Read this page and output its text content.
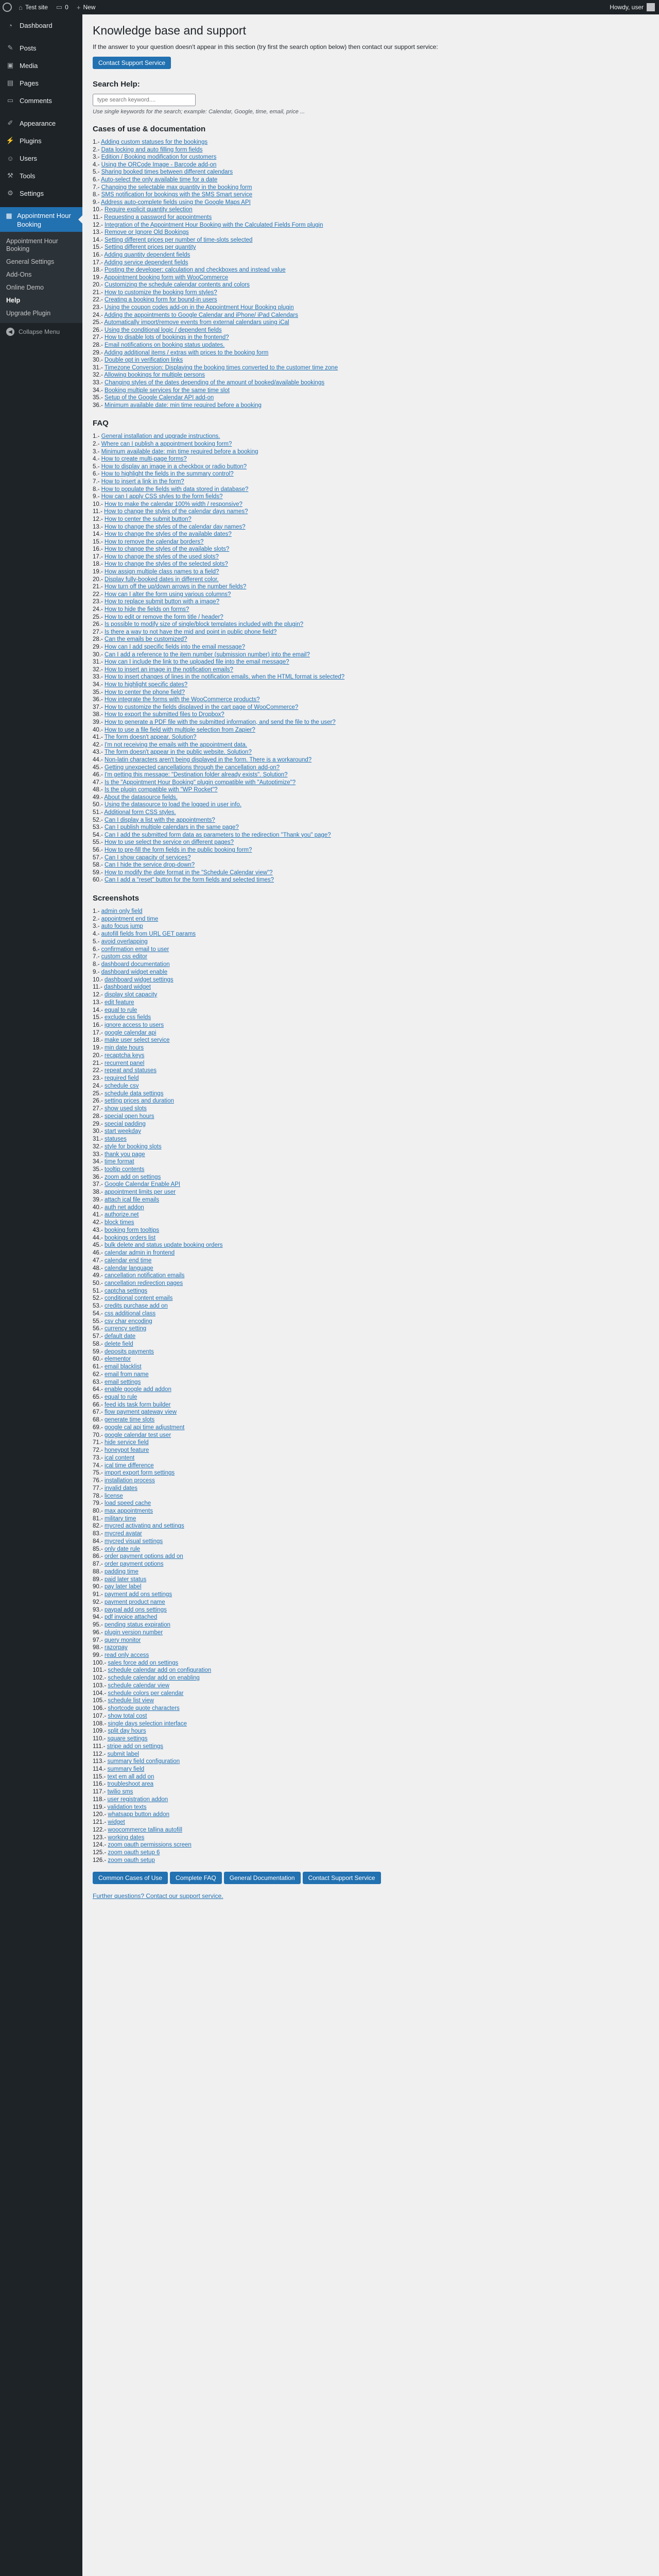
⌂ Test site ▭ 0 + New	Howdy, user
◔	Dashboard
✎ Posts
▣ Media
▤ Pages
▭ Comments
✐ Appearance
⚡ Plugins
☺ Users
⚒ Tools
⚙ Settings
▦ Appointment Hour Booking
Appointment Hour Booking
General Settings
Add-Ons
Online Demo
Help
Upgrade Plugin
◀	Collapse Menu
Knowledge base and support

If the answer to your question doesn't appear in this section (try first the search option below) then contact our support service:

Contact Support Service
Search Help:
type search keyword....

Use single keywords for the search; example: Calendar, Google, time, email, price ...

Cases of use & documentation
1.- Adding custom statuses for the bookings
2.- Data locking and auto filling form fields
3.- Edition / Booking modification for customers
4.- Using the ORCode Image - Barcode add-on
5.- Sharing booked times between different calendars
6.- Auto-select the only available time for a date
7.- Changing the selectable max quantity in the booking form
8.- SMS notification for bookings with the SMS Smart service
9.- Address auto-complete fields using the Google Maps API
10.- Require explicit quantity selection
11.- Requesting a password for appointments
12.- Integration of the Appointment Hour Booking with the Calculated Fields Form plugin
13.- Remove or Ignore Old Bookings
14.- Setting different prices per number of time-slots selected
15.- Setting different prices per quantity
16.- Adding quantity dependent fields
17.- Adding service dependent fields
18.- Posting the developer: calculation and checkboxes and instead value
19.- Appointment booking form with WooCommerce
20.- Customizing the schedule calendar contents and colors
21.- How to customize the booking form styles?
22.- Creating a booking form for bound-in users
23.- Using the coupon codes add-on in the Appointment Hour Booking plugin
24.- Adding the appointments to Google Calendar and iPhone/ iPad Calendars
25.- Automatically import/remove events from external calendars using iCal
26.- Using the conditional logic / dependent fields
27.- How to disable lots of bookings in the frontend?
28.- Email notifications on booking status updates.
29.- Adding additional items / extras with prices to the booking form
30.- Double opt in verification links
31.- Timezone Conversion: Displaying the booking times converted to the customer time zone
32.- Allowing bookings for multiple persons
33.- Changing styles of the dates depending of the amount of booked/available bookings
34.- Booking multiple services for the same time slot
35.- Setup of the Google Calendar API add-on
36.- Minimum available date: min time required before a booking
FAQ
1.- General installation and upgrade instructions.
2.- Where can I publish a appointment booking form?
3.- Minimum available date: min time required before a booking
4.- How to create multi-page forms?
5.- How to display an image in a checkbox or radio button?
6.- How to highlight the fields in the summary control?
7.- How to insert a link in the form?
8.- How to populate the fields with data stored in database?
9.- How can I apply CSS styles to the form fields?
10.- How to make the calendar 100% width / responsive?
11.- How to change the styles of the calendar days names?
12.- How to center the submit button?
13.- How to change the styles of the calendar day names?
14.- How to change the styles of the available dates?
15.- How to remove the calendar borders?
16.- How to change the styles of the available slots?
17.- How to change the styles of the used slots?
18.- How to change the styles of the selected slots?
19.- How assign multiple class names to a field?
20.- Display fully-booked dates in different color.
21.- How turn off the up/down arrows in the number fields?
22.- How can I alter the form using various columns?
23.- How to replace submit button with a image?
24.- How to hide the fields on forms?
25.- How to edit or remove the form title / header?
26.- Is possible to modify size of single/block templates included with the plugin?
27.- Is there a way to not have the mid and point in public phone field?
28.- Can the emails be customized?
29.- How can I add specific fields into the email message?
30.- Can I add a reference to the item number (submission number) into the email?
31.- How can I include the link to the uploaded file into the email message?
32.- How to insert an image in the notification emails?
33.- How to insert changes of lines in the notification emails, when the HTML format is selected?
34.- How to highlight specific dates?
35.- How to center the phone field?
36.- How integrate the forms with the WooCommerce products?
37.- How to customize the fields displayed in the cart page of WooCommerce?
38.- How to export the submitted files to Dropbox?
39.- How to generate a PDF file with the submitted information, and send the file to the user?
40.- How to use a file field with multiple selection from Zapier?
41.- The form doesn't appear. Solution?
42.- I'm not receiving the emails with the appointment data.
43.- The form doesn't appear in the public website. Solution?
44.- Non-latin characters aren't being displayed in the form. There is a workaround?
45.- Getting unexpected cancellations through the cancellation add-on?
46.- I'm getting this message: "Destination folder already exists". Solution?
47.- Is the "Appointment Hour Booking" plugin compatible with "Autoptimize"?
48.- Is the plugin compatible with "WP Rocket"?
49.- About the datasource fields.
50.- Using the datasource to load the logged in user info.
51.- Additional form CSS styles.
52.- Can I display a list with the appointments?
53.- Can I publish multiple calendars in the same page?
54.- Can I add the submitted form data as parameters to the redirection "Thank you" page?
55.- How to use select the service on different pages?
56.- How to pre-fill the form fields in the public booking form?
57.- Can I show capacity of services?
58.- Can I hide the service drop-down?
59.- How to modify the date format in the "Schedule Calendar view"?
60.- Can I add a "reset" button for the form fields and selected times?
Screenshots
1.- admin only field
2.- appointment end time
3.- auto focus jump
4.- autofill fields from URL GET params
5.- avoid overlapping
6.- confirmation email to user
7.- custom css editor
8.- dashboard documentation
9.- dashboard widget enable
10.- dashboard widget settings
11.- dashboard widget
12.- display slot capacity
13.- edit feature
14.- equal to rule
15.- exclude css fields
16.- ignore access to users
17.- google calendar api
18.- make user select service
19.- min date hours
20.- recaptcha keys
21.- recurrent panel
22.- repeat and statuses
23.- required field
24.- schedule csv
25.- schedule data settings
26.- setting prices and duration
27.- show used slots
28.- special open hours
29.- special padding
30.- start weekday
31.- statuses
32.- style for booking slots
33.- thank you page
34.- time format
35.- tooltip contents
36.- zoom add on settings
37.- Google Calendar Enable API
38.- appointment limits per user
39.- attach ical file emails
40.- auth net addon
41.- authorize.net
42.- block times
43.- booking form tooltips
44.- bookings orders list
45.- bulk delete and status update booking orders
46.- calendar admin in frontend
47.- calendar end time
48.- calendar language
49.- cancellation notification emails
50.- cancellation redirection pages
51.- captcha settings
52.- conditional content emails
53.- credits purchase add on
54.- css additional class
55.- csv char encoding
56.- currency setting
57.- default date
58.- delete field
59.- deposits payments
60.- elementor
61.- email blacklist
62.- email from name
63.- email settings
64.- enable google add addon
65.- equal to rule
66.- feed ids task form builder
67.- flow payment gateway view
68.- generate time slots
69.- google cal api time adjustment
70.- google calendar test user
71.- hide service field
72.- honeypot feature
73.- ical content
74.- ical time difference
75.- import export form settings
76.- installation process
77.- invalid dates
78.- license
79.- load speed cache
80.- max appointments
81.- military time
82.- mycred activating and settings
83.- mycred avatar
84.- mycred visual settings
85.- only date rule
86.- order payment options add on
87.- order payment options
88.- padding time
89.- paid later status
90.- pay later label
91.- payment add ons settings
92.- payment product name
93.- paypal add ons settings
94.- pdf invoice attached
95.- pending status expiration
96.- plugin version number
97.- query monitor
98.- razorpay
99.- read only access
100.- sales force add on settings
101.- schedule calendar add on configuration
102.- schedule calendar add on enabling
103.- schedule calendar view
104.- schedule colors per calendar
105.- schedule list view
106.- shortcode quote characters
107.- show total cost
108.- single days selection interface
109.- split day hours
110.- square settings
111.- stripe add on settings
112.- submit label
113.- summary field configuration
114.- summary field
115.- text em all add on
116.- troubleshoot area
117.- twilio sms
118.- user registration addon
119.- validation texts
120.- whatsapp button addon
121.- widget
122.- woocommerce tallina autofill
123.- working dates
124.- zoom oauth permissions screen
125.- zoom oauth setup 6
126.- zoom oauth setup
Common Cases of Use	Complete FAQ	General Documentation	Contact Support Service

Further questions? Contact our support service.
